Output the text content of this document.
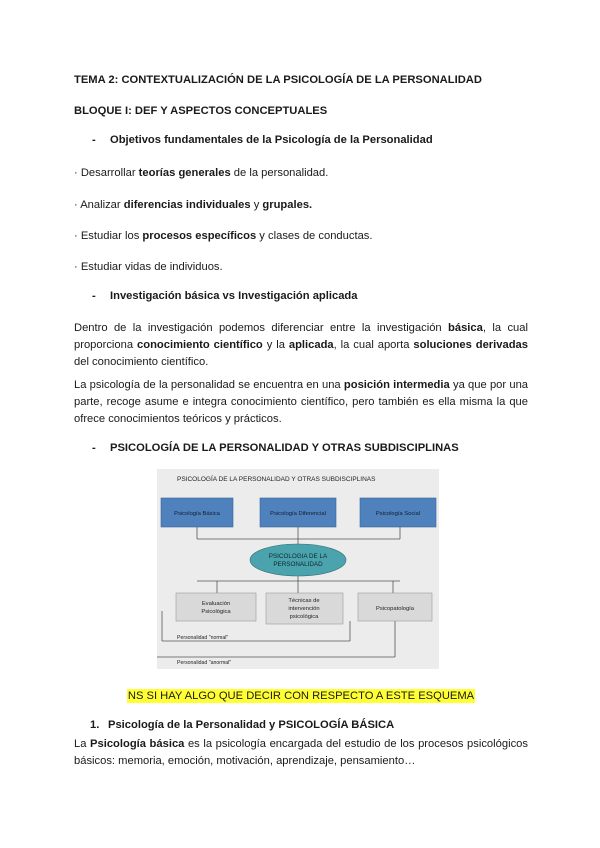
TEMA 2: CONTEXTUALIZACIÓN DE LA PSICOLOGÍA DE LA PERSONALIDAD
BLOQUE I: DEF Y ASPECTOS CONCEPTUALES
- Objetivos fundamentales de la Psicología de la Personalidad
· Desarrollar teorías generales de la personalidad.
· Analizar diferencias individuales y grupales.
· Estudiar los procesos específicos y clases de conductas.
· Estudiar vidas de individuos.
- Investigación básica vs Investigación aplicada
Dentro de la investigación podemos diferenciar entre la investigación básica, la cual proporciona conocimiento científico y la aplicada, la cual aporta soluciones derivadas del conocimiento científico.
La psicología de la personalidad se encuentra en una posición intermedia ya que por una parte, recoge asume e integra conocimiento científico, pero también es ella misma la que ofrece conocimientos teóricos y prácticos.
- PSICOLOGÍA DE LA PERSONALIDAD Y OTRAS SUBDISCIPLINAS
PSICOLOGÍA DE LA PERSONALIDAD Y OTRAS SUBDISCIPLINAS
Psicología Básica	Psicología Diferencial	Psicología Social
PSICOLOGIA DE LA
PERSONALIDAD
Evaluación
Psicológica
Técnicas de
intervención
psicológica
Psicopatología
Personalidad "normal"
Personalidad "anormal"
NS SI HAY ALGO QUE DECIR CON RESPECTO A ESTE ESQUEMA
1. Psicología de la Personalidad y PSICOLOGÍA BÁSICA
La Psicología básica es la psicología encargada del estudio de los procesos psicológicos básicos: memoria, emoción, motivación, aprendizaje, pensamiento…
